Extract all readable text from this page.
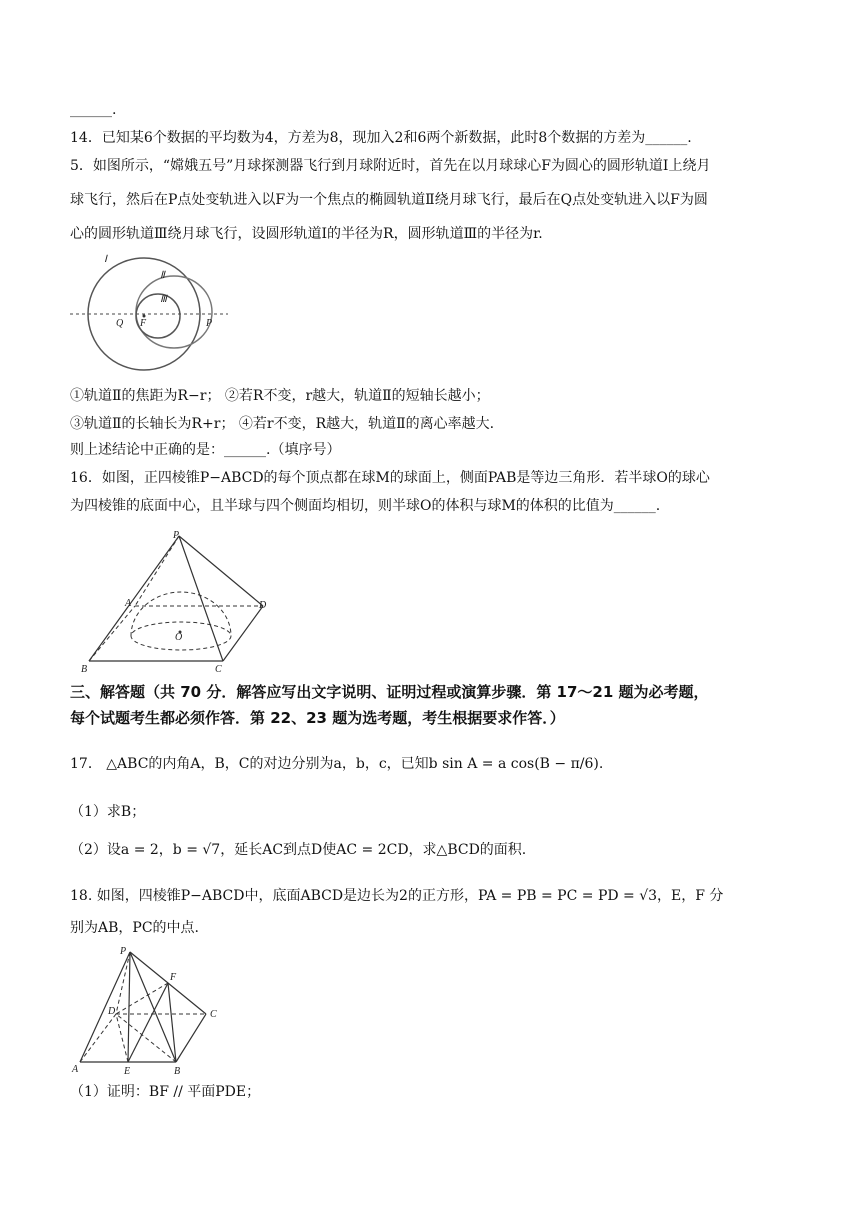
______.
14．已知某6个数据的平均数为4，方差为8，现加入2和6两个新数据，此时8个数据的方差为______.
5．如图所示，“嫦娥五号”月球探测器飞行到月球附近时，首先在以月球球心F为圆心的圆形轨道Ⅰ上绕月
球飞行，然后在P点处变轨进入以F为一个焦点的椭圆轨道Ⅱ绕月球飞行，最后在Q点处变轨进入以F为圆
心的圆形轨道Ⅲ绕月球飞行，设圆形轨道Ⅰ的半径为R，圆形轨道Ⅲ的半径为r.
Ⅰ
Ⅱ
Ⅲ
Q F	P
①轨道Ⅱ的焦距为R−r； ②若R不变，r越大，轨道Ⅱ的短轴长越小；
③轨道Ⅱ的长轴长为R+r； ④若r不变，R越大，轨道Ⅱ的离心率越大.
则上述结论中正确的是：______.（填序号）
16．如图，正四棱锥P−ABCD的每个顶点都在球M的球面上，侧面PAB是等边三角形．若半球O的球心
为四棱锥的底面中心，且半球与四个侧面均相切，则半球O的体积与球M的体积的比值为______.
P
A
B	C
D
O
三、解答题（共 70 分．解答应写出文字说明、证明过程或演算步骤．第 17～21 题为必考题，
每个试题考生都必须作答．第 22、23 题为选考题，考生根据要求作答．）
17． △ABC的内角A，B，C的对边分别为a，b，c，已知b sin A = a cos(B − π/6).
（1）求B；
（2）设a = 2，b = √7，延长AC到点D使AC = 2CD，求△BCD的面积.
18. 如图，四棱锥P−ABCD中，底面ABCD是边长为2的正方形，PA = PB = PC = PD = √3，E，F 分
别为AB，PC的中点.
P
F
C
D
A	E	B
（1）证明：BF // 平面PDE；
